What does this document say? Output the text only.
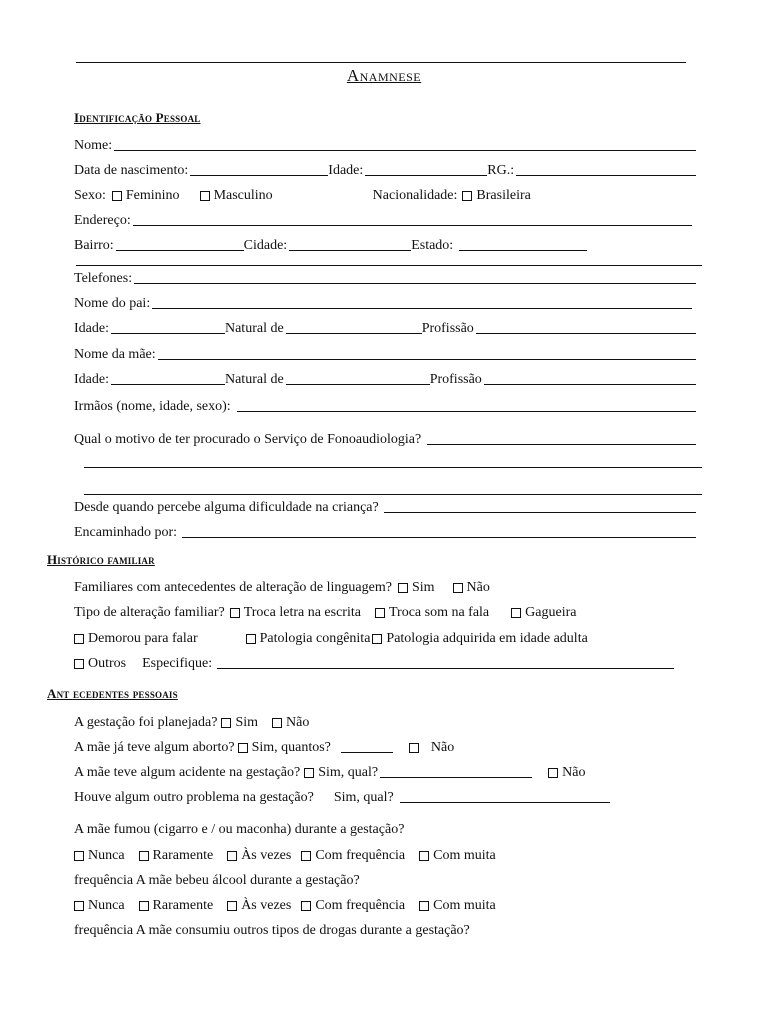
Anamnese
Identificação Pessoal
Nome:
Data de nascimento:	Idade:	RG.:
Sexo: Feminino Masculino	Nacionalidade: Brasileira
Endereço:
Bairro:	Cidade:	Estado:
Telefones:
Nome do pai:
Idade:	Natural de	Profissão
Nome da mãe:
Idade:	Natural de	Profissão
Irmãos (nome, idade, sexo):
Qual o motivo de ter procurado o Serviço de Fonoaudiologia?
Desde quando percebe alguma dificuldade na criança?
Encaminhado por:
Histórico familiar
Familiares com antecedentes de alteração de linguagem? Sim Não
Tipo de alteração familiar? Troca letra na escrita Troca som na fala	Gagueira
Demorou para falar	Patologia congênita Patologia adquirida em idade adulta
Outros Especifique:
Ant ecedentes pessoais
A gestação foi planejada? Sim Não
A mãe já teve algum aborto? Sim, quantos?	Não
A mãe teve algum acidente na gestação? Sim, qual?	Não
Houve algum outro problema na gestação? Sim, qual?
A mãe fumou (cigarro e / ou maconha) durante a gestação?
Nunca Raramente Às vezes Com frequência Com muita
frequência A mãe bebeu álcool durante a gestação?
Nunca Raramente Às vezes Com frequência Com muita
frequência A mãe consumiu outros tipos de drogas durante a gestação?
